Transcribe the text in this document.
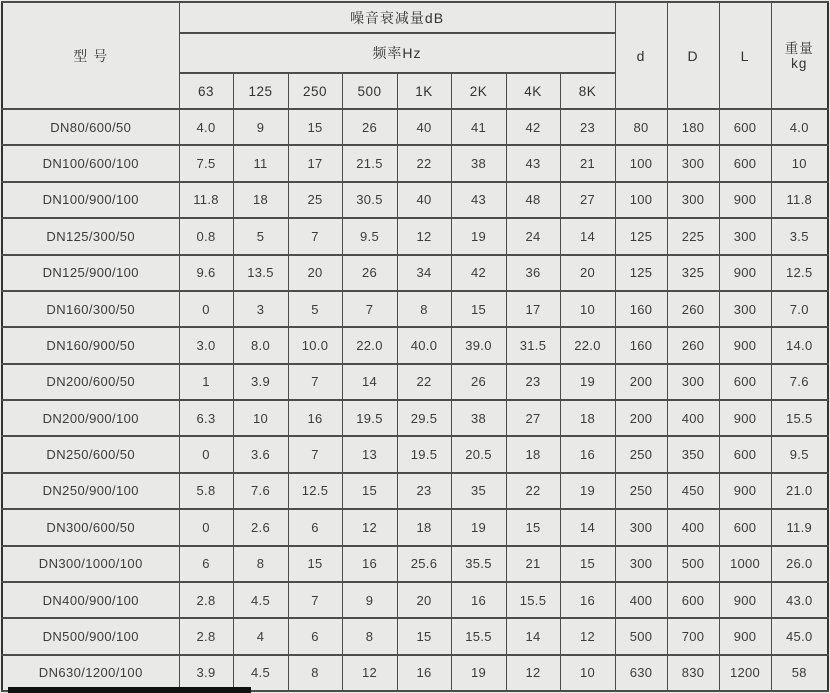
型 号	噪音衰减量dB								d	D	L	重量
kg
	频率Hz											
	63	125	250	500	1K	2K	4K	8K				
DN80/600/50	4.0	9	15	26	40	41	42	23	80	180	600	4.0
DN100/600/100	7.5	11	17	21.5	22	38	43	21	100	300	600	10
DN100/900/100	11.8	18	25	30.5	40	43	48	27	100	300	900	11.8
DN125/300/50	0.8	5	7	9.5	12	19	24	14	125	225	300	3.5
DN125/900/100	9.6	13.5	20	26	34	42	36	20	125	325	900	12.5
DN160/300/50	0	3	5	7	8	15	17	10	160	260	300	7.0
DN160/900/50	3.0	8.0	10.0	22.0	40.0	39.0	31.5	22.0	160	260	900	14.0
DN200/600/50	1	3.9	7	14	22	26	23	19	200	300	600	7.6
DN200/900/100	6.3	10	16	19.5	29.5	38	27	18	200	400	900	15.5
DN250/600/50	0	3.6	7	13	19.5	20.5	18	16	250	350	600	9.5
DN250/900/100	5.8	7.6	12.5	15	23	35	22	19	250	450	900	21.0
DN300/600/50	0	2.6	6	12	18	19	15	14	300	400	600	11.9
DN300/1000/100	6	8	15	16	25.6	35.5	21	15	300	500	1000	26.0
DN400/900/100	2.8	4.5	7	9	20	16	15.5	16	400	600	900	43.0
DN500/900/100	2.8	4	6	8	15	15.5	14	12	500	700	900	45.0
DN630/1200/100	3.9	4.5	8	12	16	19	12	10	630	830	1200	58
